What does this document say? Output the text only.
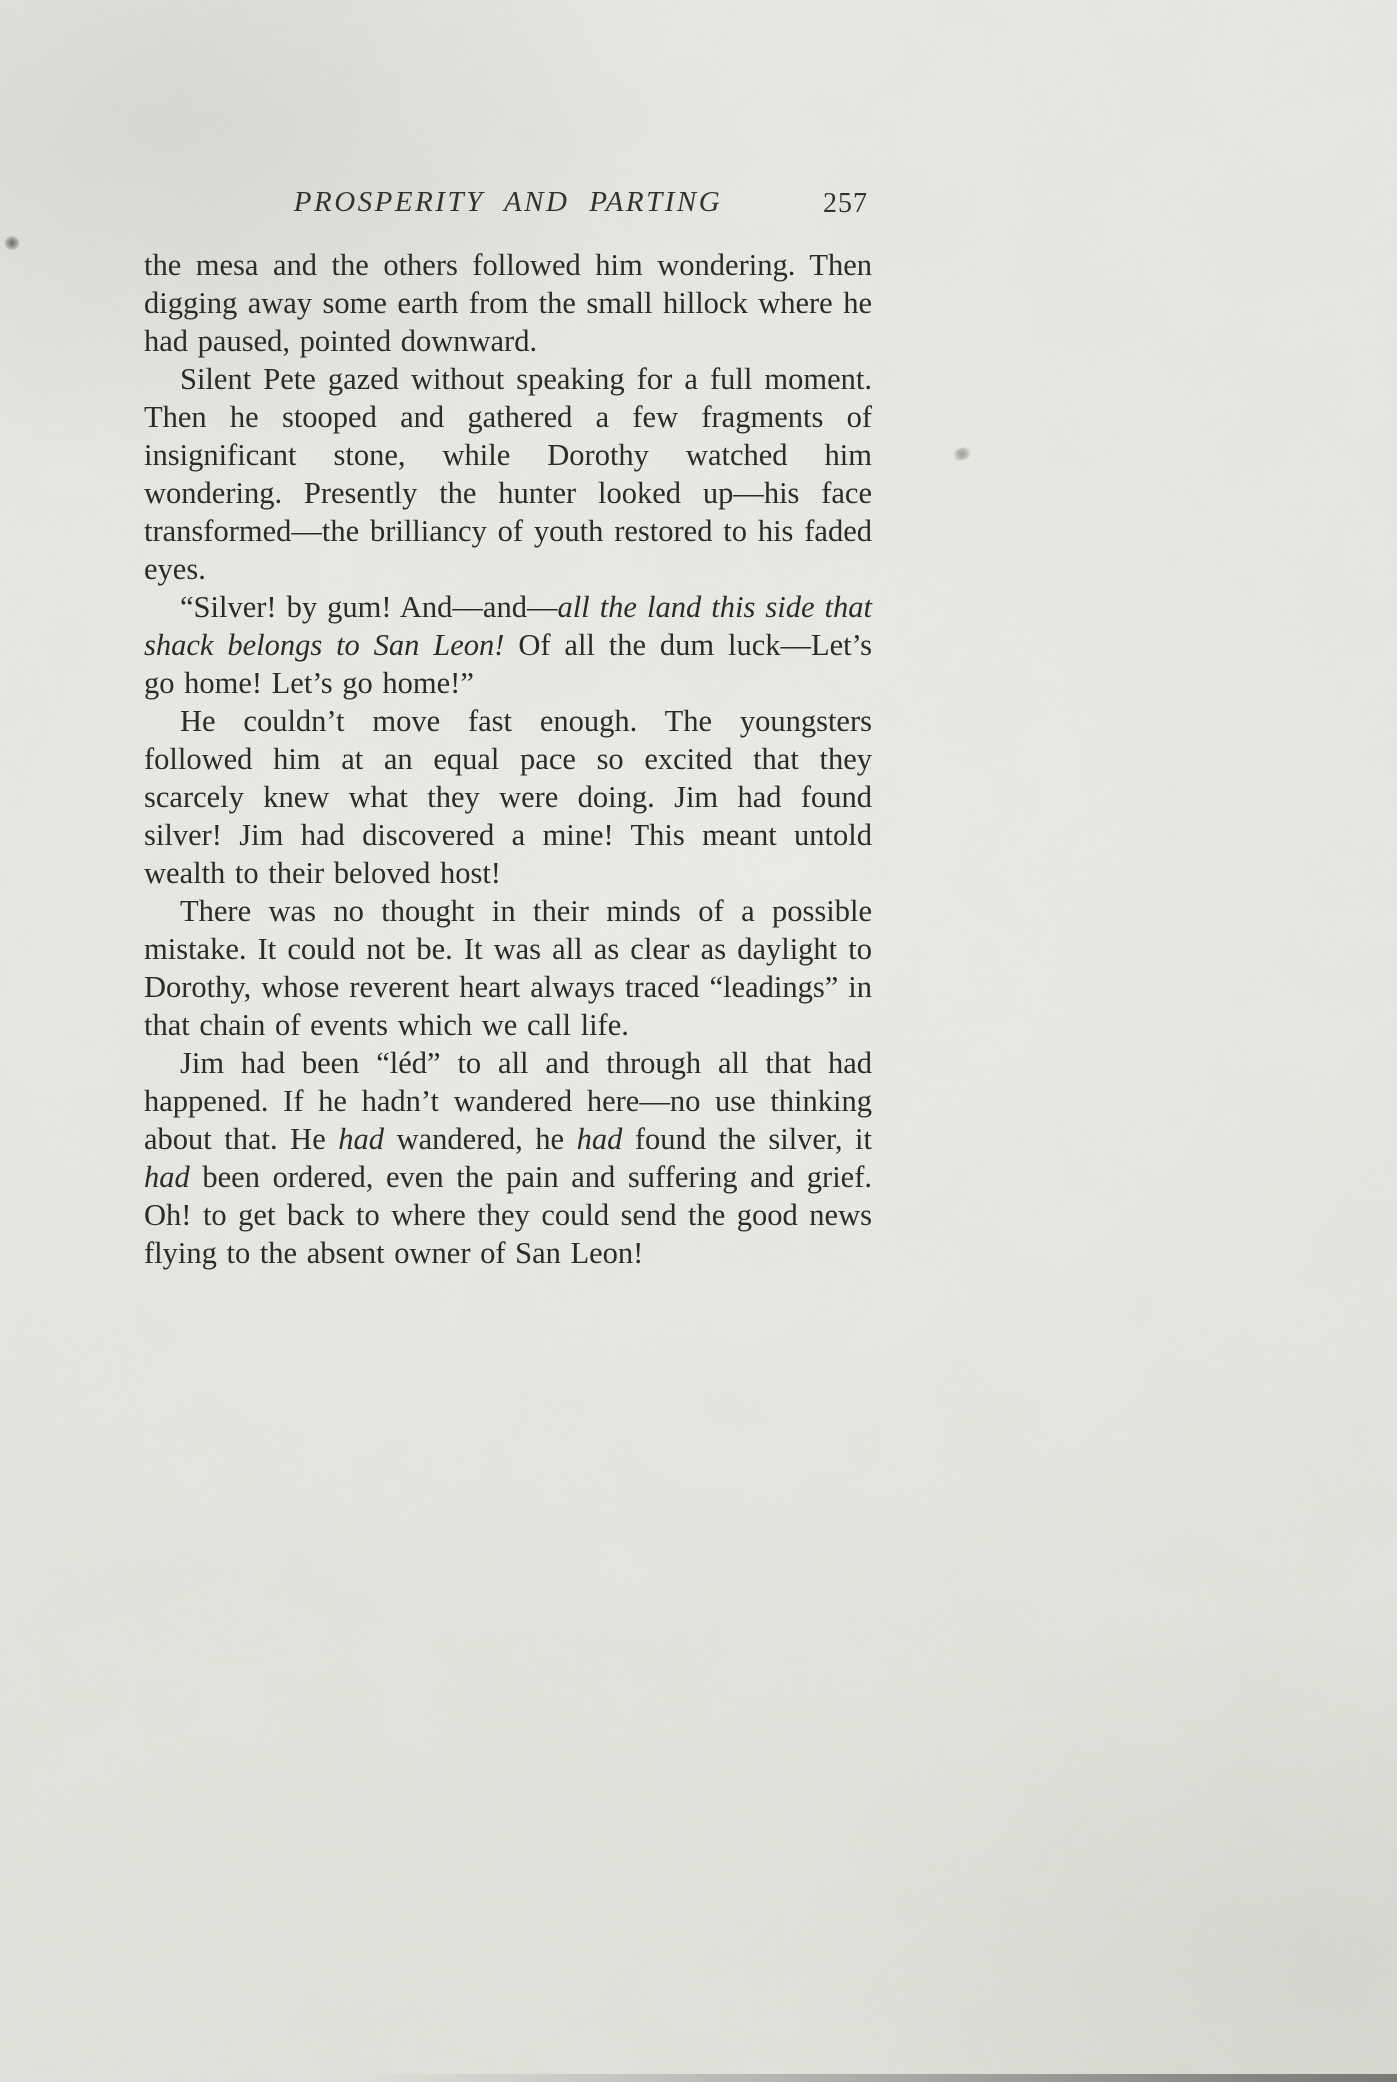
PROSPERITY AND PARTING	257

the mesa and the others followed him wondering. Then digging away some earth from the small hillock where he had paused, pointed downward.

Silent Pete gazed without speaking for a full moment. Then he stooped and gathered a few fragments of insignificant stone, while Dorothy watched him wondering. Presently the hunter looked up—his face transformed—the brilliancy of youth restored to his faded eyes.

“Silver! by gum! And—and—all the land this side that shack belongs to San Leon! Of all the dum luck—Let’s go home! Let’s go home!”

He couldn’t move fast enough. The youngsters followed him at an equal pace so excited that they scarcely knew what they were doing. Jim had found silver! Jim had discovered a mine! This meant untold wealth to their beloved host!

There was no thought in their minds of a possible mistake. It could not be. It was all as clear as daylight to Dorothy, whose reverent heart always traced “leadings” in that chain of events which we call life.

Jim had been “léd” to all and through all that had happened. If he hadn’t wandered here—no use thinking about that. He had wandered, he had found the silver, it had been ordered, even the pain and suffering and grief. Oh! to get back to where they could send the good news flying to the absent owner of San Leon!
